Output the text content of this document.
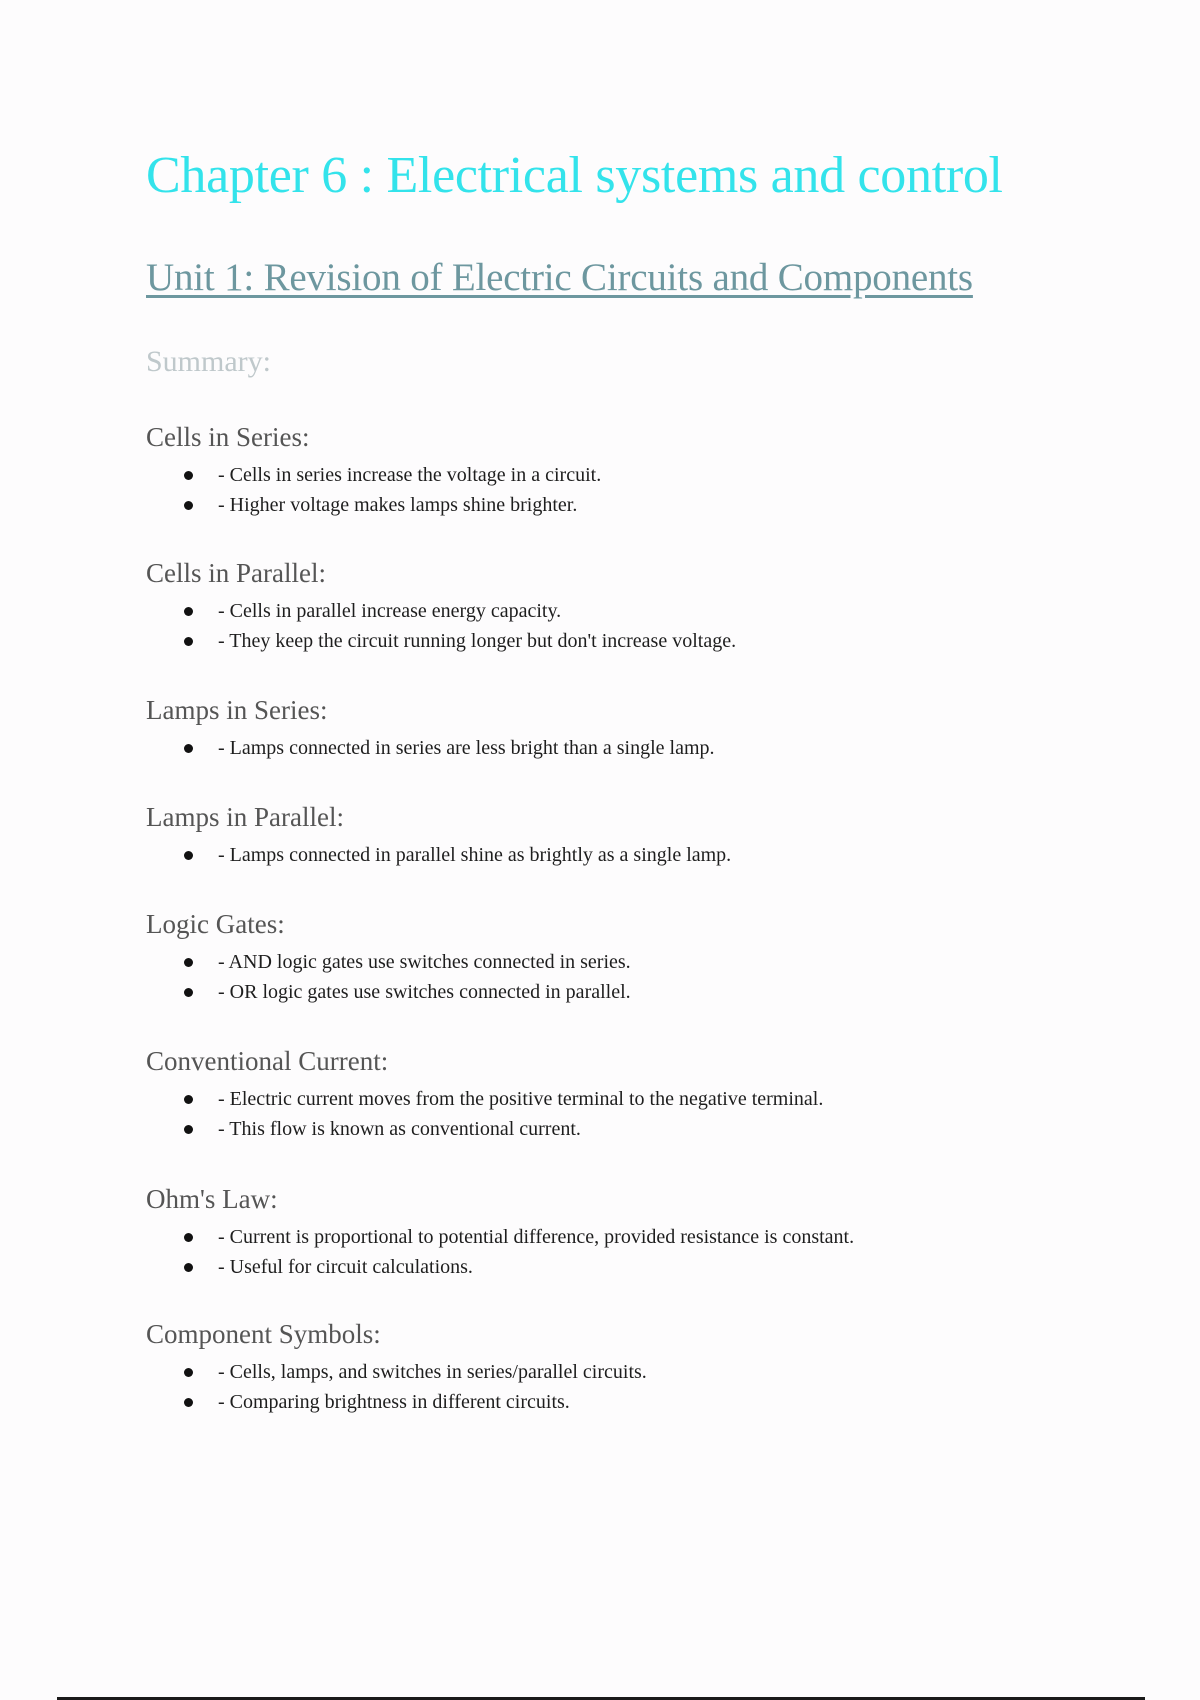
Chapter 6 : Electrical systems and control
Unit 1: Revision of Electric Circuits and Components
Summary:
Cells in Series:
- Cells in series increase the voltage in a circuit.
- Higher voltage makes lamps shine brighter.
Cells in Parallel:
- Cells in parallel increase energy capacity.
- They keep the circuit running longer but don't increase voltage.
Lamps in Series:
- Lamps connected in series are less bright than a single lamp.
Lamps in Parallel:
- Lamps connected in parallel shine as brightly as a single lamp.
Logic Gates:
- AND logic gates use switches connected in series.
- OR logic gates use switches connected in parallel.
Conventional Current:
- Electric current moves from the positive terminal to the negative terminal.
- This flow is known as conventional current.
Ohm's Law:
- Current is proportional to potential difference, provided resistance is constant.
- Useful for circuit calculations.
Component Symbols:
- Cells, lamps, and switches in series/parallel circuits.
- Comparing brightness in different circuits.
